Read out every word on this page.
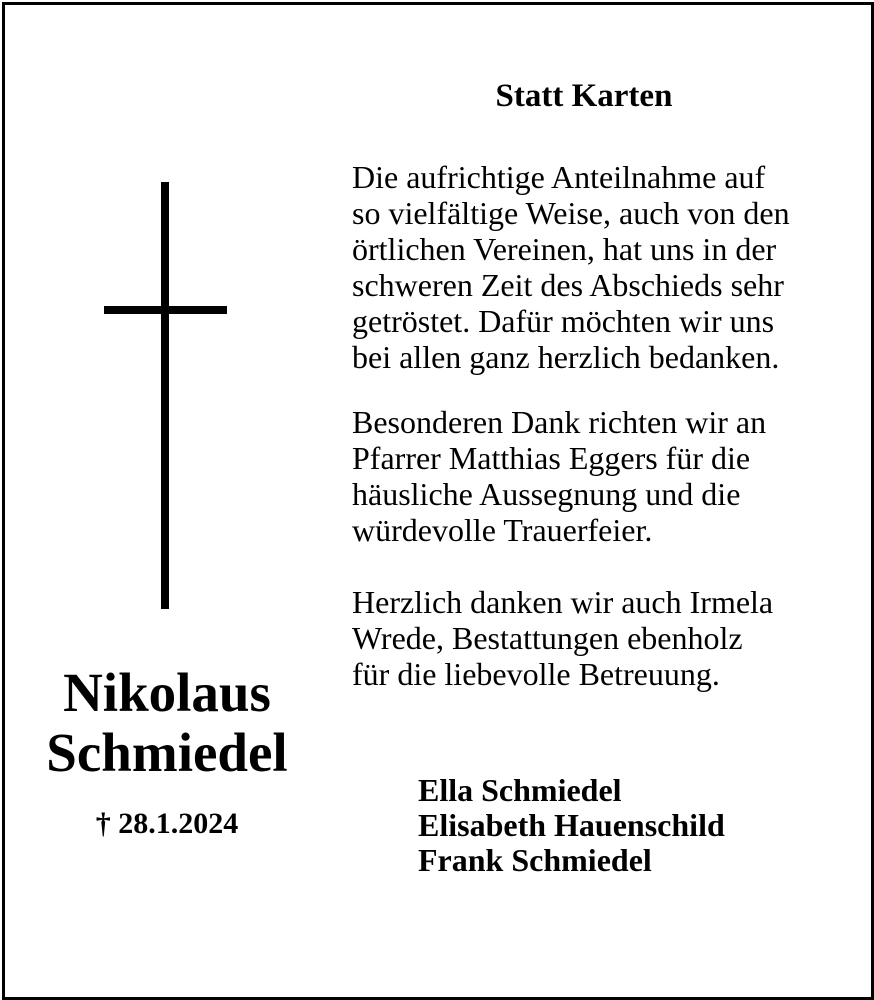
Nikolaus
Schmiedel
† 28.1.2024
Statt Karten

Die aufrichtige Anteilnahme auf
so vielfältige Weise, auch von den
örtlichen Vereinen, hat uns in der
schweren Zeit des Abschieds sehr
getröstet. Dafür möchten wir uns
bei allen ganz herzlich bedanken.

Besonderen Dank richten wir an
Pfarrer Matthias Eggers für die
häusliche Aussegnung und die
würdevolle Trauerfeier.

Herzlich danken wir auch Irmela
Wrede, Bestattungen ebenholz
für die liebevolle Betreuung.

Ella Schmiedel
Elisabeth Hauenschild
Frank Schmiedel
